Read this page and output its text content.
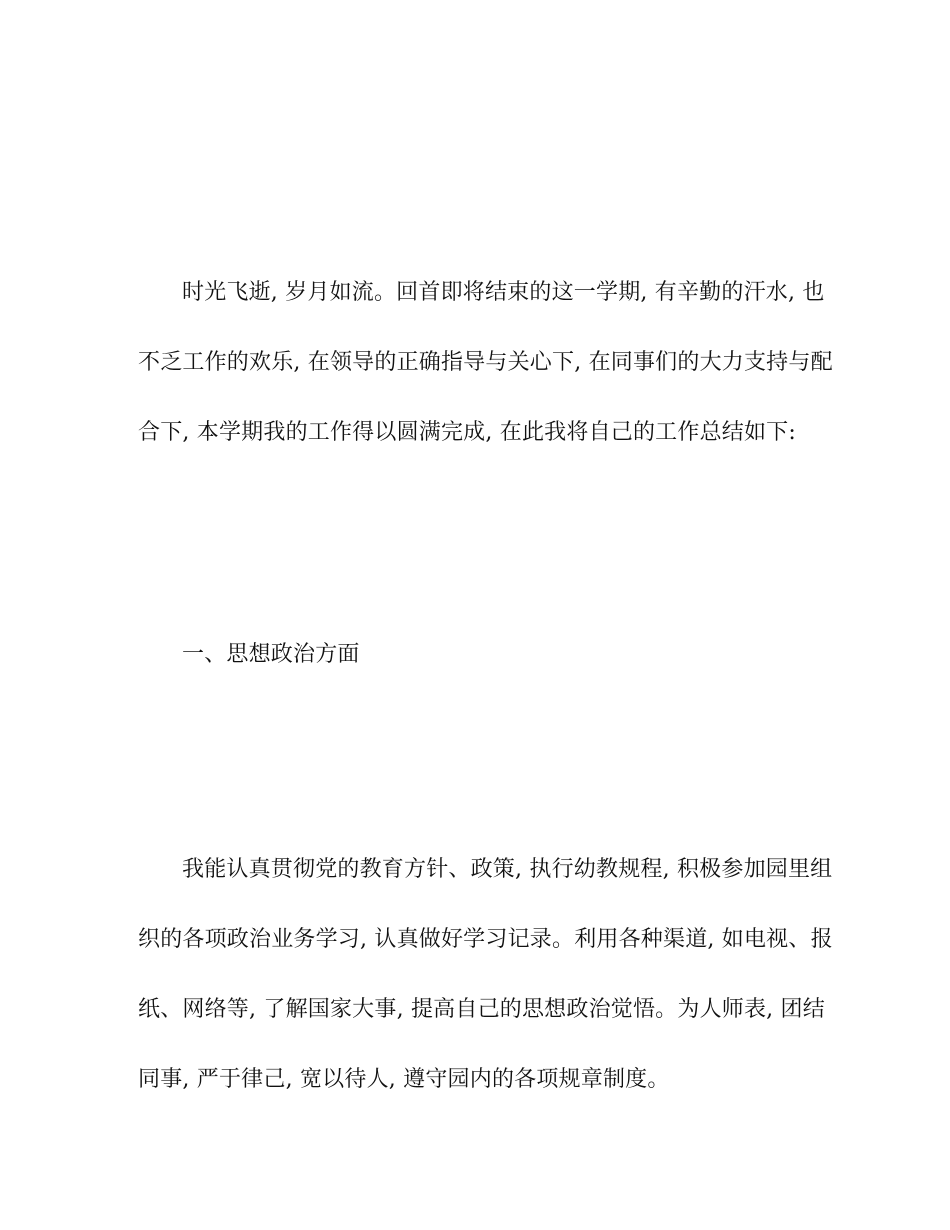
时光飞逝, 岁月如流。回首即将结束的这一学期, 有辛勤的汗水, 也
不乏工作的欢乐, 在领导的正确指导与关心下, 在同事们的大力支持与配
合下, 本学期我的工作得以圆满完成, 在此我将自己的工作总结如下:
一、思想政治方面
我能认真贯彻党的教育方针、政策, 执行幼教规程, 积极参加园里组
织的各项政治业务学习, 认真做好学习记录。利用各种渠道, 如电视、报
纸、网络等, 了解国家大事, 提高自己的思想政治觉悟。为人师表, 团结
同事, 严于律己, 宽以待人, 遵守园内的各项规章制度。
